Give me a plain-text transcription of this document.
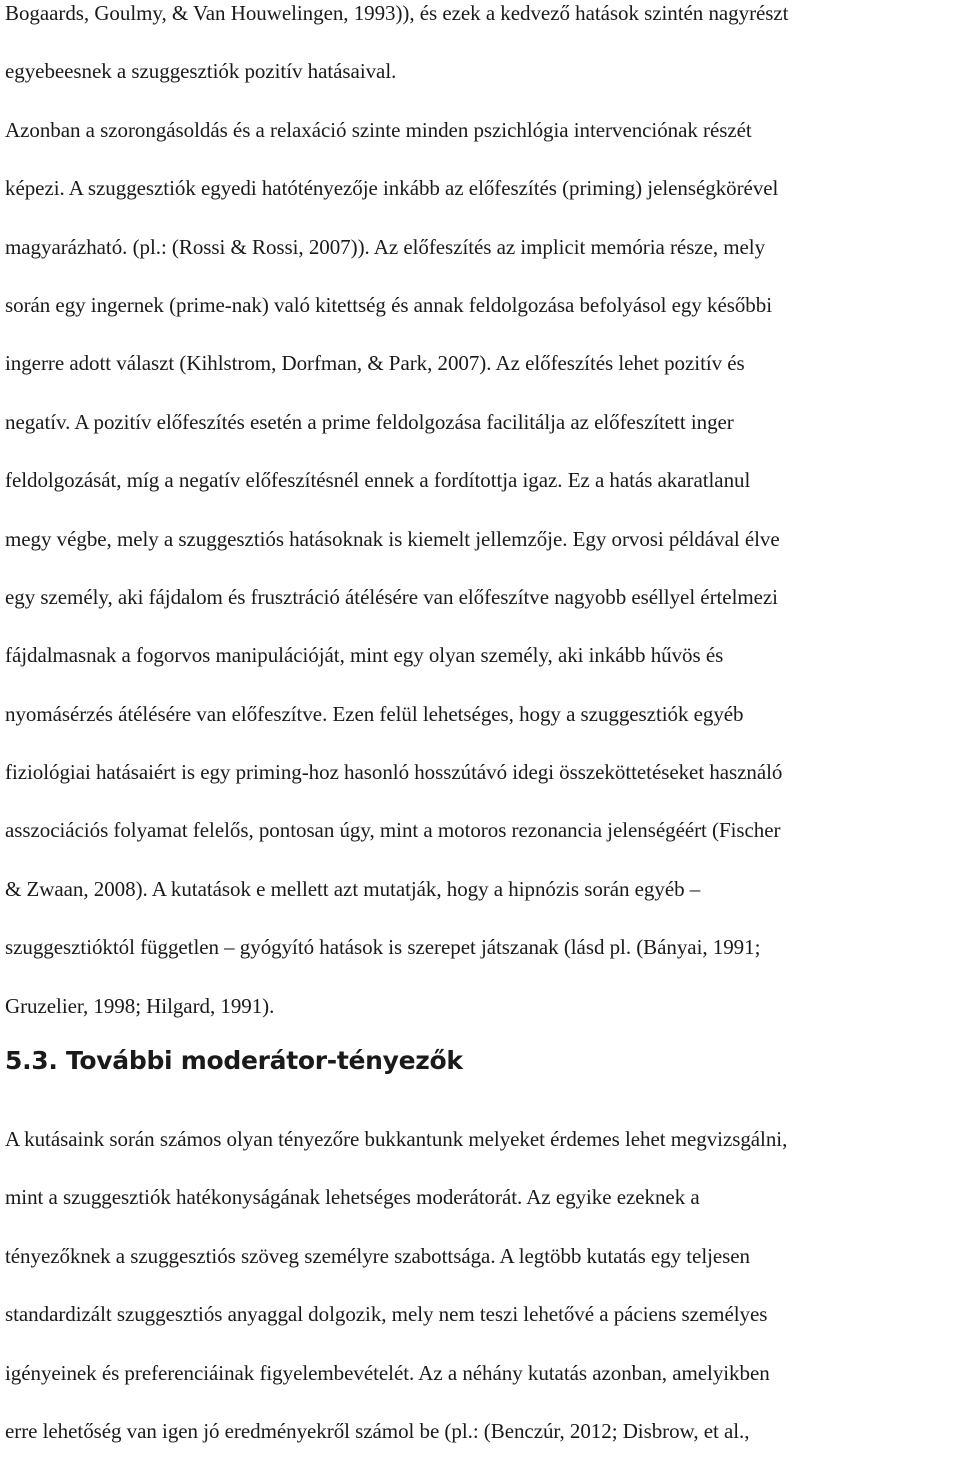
Bogaards, Goulmy, & Van Houwelingen, 1993)), és ezek a kedvező hatások szintén nagyrészt
egyebeesnek a szuggesztiók pozitív hatásaival.
Azonban a szorongásoldás és a relaxáció szinte minden pszichlógia intervenciónak részét
képezi. A szuggesztiók egyedi hatótényezője inkább az előfeszítés (priming) jelenségkörével
magyarázható. (pl.: (Rossi & Rossi, 2007)). Az előfeszítés az implicit memória része, mely
során egy ingernek (prime-nak) való kitettség és annak feldolgozása befolyásol egy későbbi
ingerre adott választ (Kihlstrom, Dorfman, & Park, 2007). Az előfeszítés lehet pozitív és
negatív. A pozitív előfeszítés esetén a prime feldolgozása facilitálja az előfeszített inger
feldolgozását, míg a negatív előfeszítésnél ennek a fordítottja igaz. Ez a hatás akaratlanul
megy végbe, mely a szuggesztiós hatásoknak is kiemelt jellemzője. Egy orvosi példával élve
egy személy, aki fájdalom és frusztráció átélésére van előfeszítve nagyobb eséllyel értelmezi
fájdalmasnak a fogorvos manipulációját, mint egy olyan személy, aki inkább hűvös és
nyomásérzés átélésére van előfeszítve. Ezen felül lehetséges, hogy a szuggesztiók egyéb
fiziológiai hatásaiért is egy priming-hoz hasonló hosszútávó idegi összeköttetéseket használó
asszociációs folyamat felelős, pontosan úgy, mint a motoros rezonancia jelenségéért (Fischer
& Zwaan, 2008). A kutatások e mellett azt mutatják, hogy a hipnózis során egyéb –
szuggesztióktól független – gyógyító hatások is szerepet játszanak (lásd pl. (Bányai, 1991;
Gruzelier, 1998; Hilgard, 1991).

5.3. További moderátor-tényezők

A kutásaink során számos olyan tényezőre bukkantunk melyeket érdemes lehet megvizsgálni,
mint a szuggesztiók hatékonyságának lehetséges moderátorát. Az egyike ezeknek a
tényezőknek a szuggesztiós szöveg személyre szabottsága. A legtöbb kutatás egy teljesen
standardizált szuggesztiós anyaggal dolgozik, mely nem teszi lehetővé a páciens személyes
igényeinek és preferenciáinak figyelembevételét. Az a néhány kutatás azonban, amelyikben
erre lehetőség van igen jó eredményekről számol be (pl.: (Benczúr, 2012; Disbrow, et al.,
